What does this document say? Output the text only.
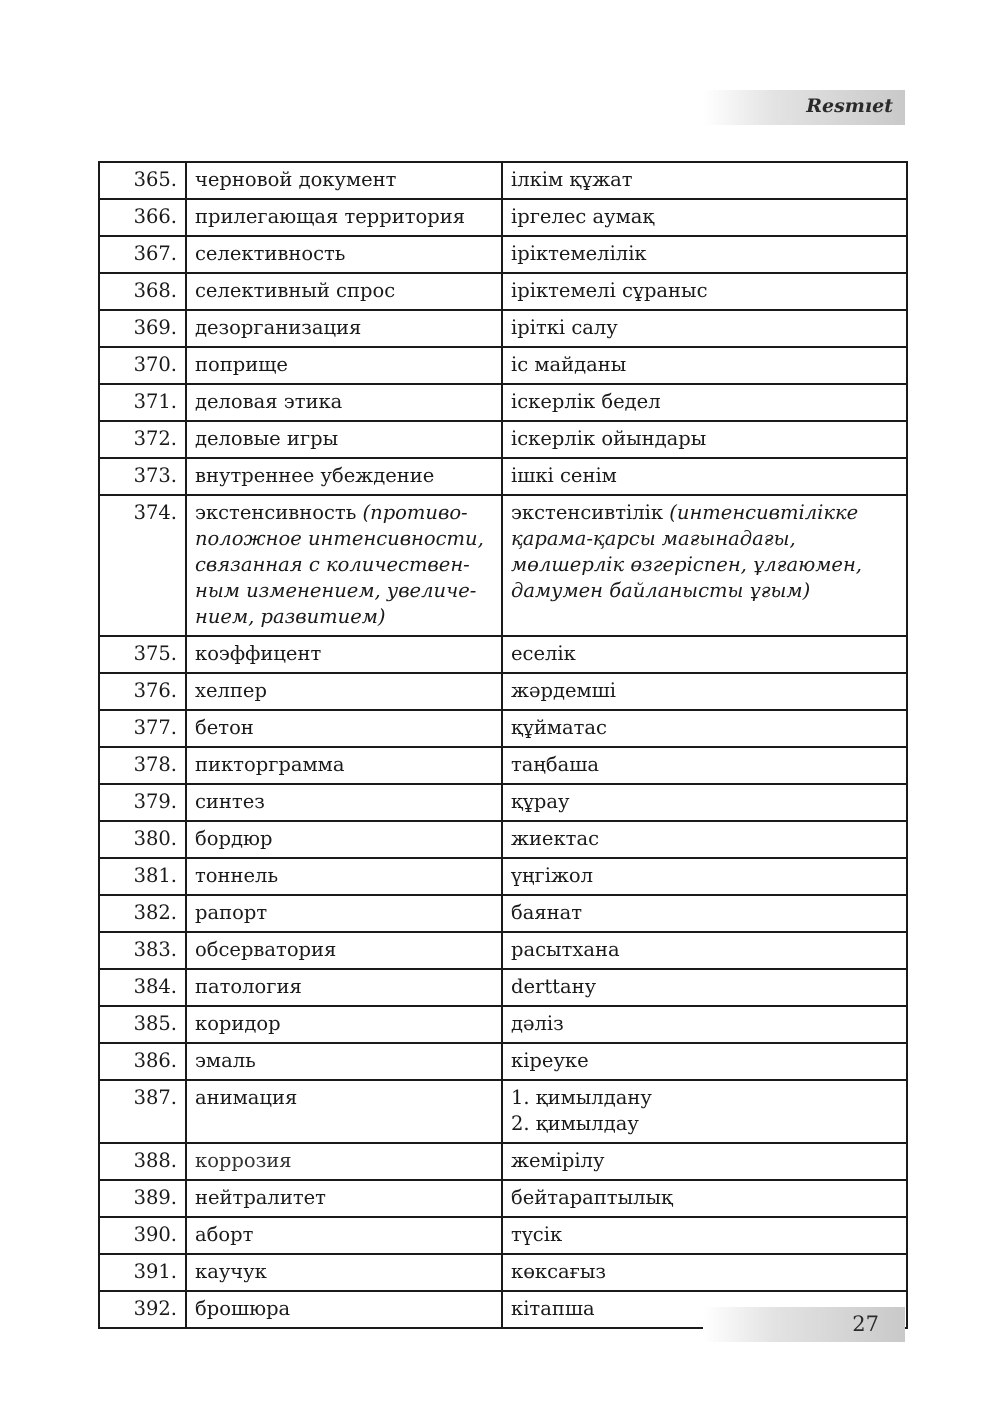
Resmıet
365.	черновой документ	ілкім құжат
366.	прилегающая территория	іргелес аумақ
367.	селективность	іріктемелілік
368.	селективный спрос	іріктемелі сұраныс
369.	дезорганизация	іріткі салу
370.	поприще	іс майданы
371.	деловая этика	іскерлік бедел
372.	деловые игры	іскерлік ойындары
373.	внутреннее убеждение	ішкі сенім
374.	экстенсивность (противо-положное интенсивности, связанная с количествен-ным изменением, увеличе-нием, развитием)	экстенсивтілік (интенсивтілікке қарама-қарсы мағынадағы, мөлшерлік өзгеріспен, ұлғаюмен, дамумен байланысты ұғым)
375.	коэффицент	еселік
376.	хелпер	жәрдемші
377.	бетон	құйматас
378.	пикторграмма	таңбаша
379.	синтез	құрау
380.	бордюр	жиектас
381.	тоннель	үңгіжол
382.	рапорт	баянат
383.	обсерватория	расытхана
384.	патология	derttану
385.	коридор	дәліз
386.	эмаль	кіреуке
387.	анимация	1. қимылдану
2. қимылдау
388.	коррозия	жемірілу
389.	нейтралитет	бейтараптылық
390.	аборт	түсік
391.	каучук	көксағыз
392.	брошюра	кітапша
27
